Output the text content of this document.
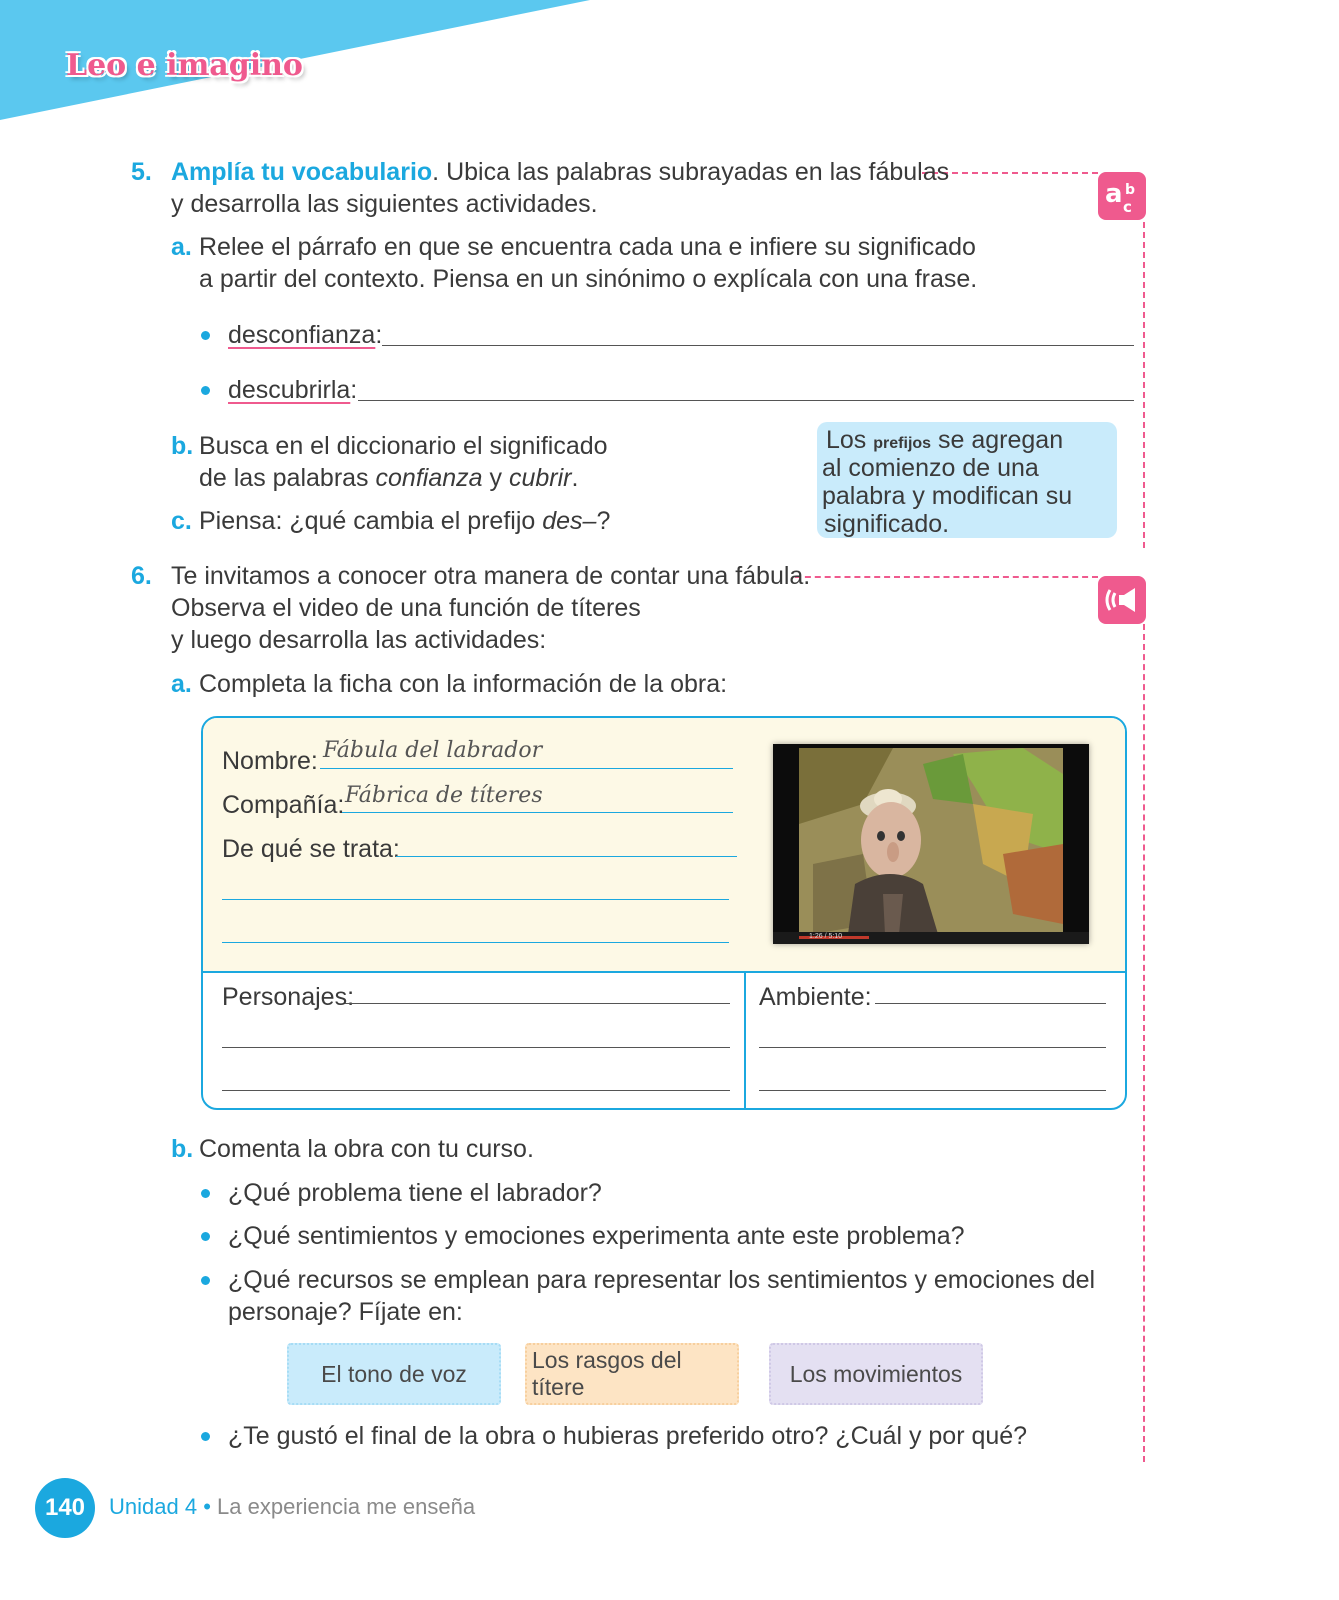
Leo e imagino
a b
c
5. Amplía tu vocabulario. Ubica las palabras subrayadas en las fábulas
y desarrolla las siguientes actividades.
a. Relee el párrafo en que se encuentra cada una e infiere su significado
a partir del contexto. Piensa en un sinónimo o explícala con una frase.
desconfianza:
descubrirla:
b. Busca en el diccionario el significado
de las palabras confianza y cubrir.
c. Piensa: ¿qué cambia el prefijo des–?
Los prefijos se agregan
al comienzo de una
palabra y modifican su
significado.
6. Te invitamos a conocer otra manera de contar una fábula.
Observa el video de una función de títeres
y luego desarrolla las actividades:
a. Completa la ficha con la información de la obra:
Nombre: Fábula del labrador
Compañía: Fábrica de títeres
De qué se trata:
1:26 / 5:10
Personajes:	Ambiente:
b. Comenta la obra con tu curso.
¿Qué problema tiene el labrador?
¿Qué sentimientos y emociones experimenta ante este problema?
¿Qué recursos se emplean para representar los sentimientos y emociones del
personaje? Fíjate en:
El tono de voz
Los rasgos del títere
Los movimientos
¿Te gustó el final de la obra o hubieras preferido otro? ¿Cuál y por qué?
140	Unidad 4 • La experiencia me enseña
